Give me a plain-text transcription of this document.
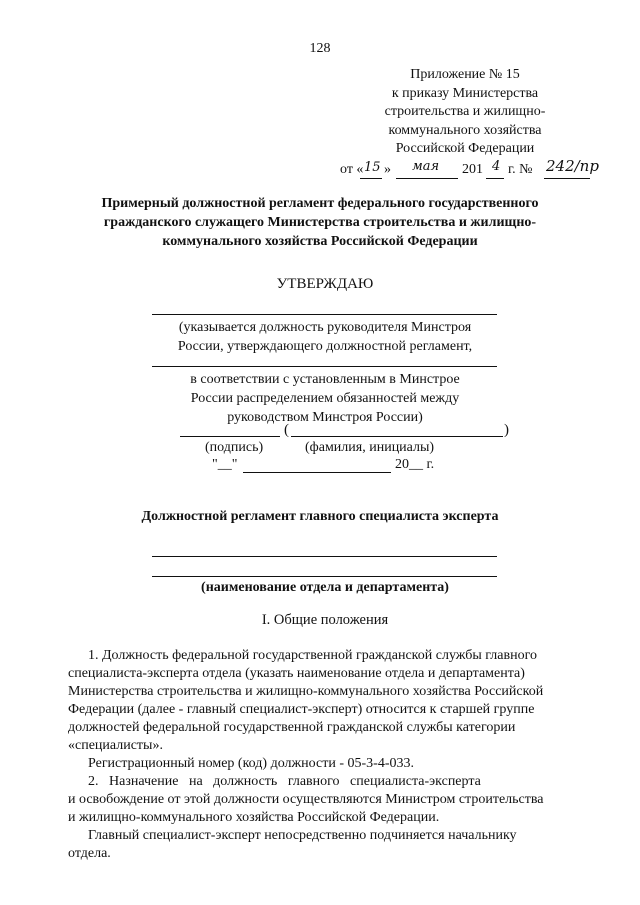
128
Приложение № 15
к приказу Министерства
строительства и жилищно-
коммунального хозяйства
Российской Федерации
от « 15 » мая 201 4 г. № 242/пр
Примерный должностной регламент федерального государственного
гражданского служащего Министерства строительства и жилищно-
коммунального хозяйства Российской Федерации
УТВЕРЖДАЮ
(указывается должность руководителя Минстроя
России, утверждающего должностной регламент,
в соответствии с установленным в Минстрое
России распределением обязанностей между
руководством Минстроя России)
(	)
(подпись)	(фамилия, инициалы)
"__"	20__ г.
Должностной регламент главного специалиста эксперта
(наименование отдела и департамента)
I. Общие положения
1. Должность федеральной государственной гражданской службы главного
специалиста-эксперта отдела (указать наименование отдела и департамента)
Министерства строительства и жилищно-коммунального хозяйства Российской
Федерации (далее - главный специалист-эксперт) относится к старшей группе
должностей федеральной государственной гражданской службы категории
«специалисты».
Регистрационный номер (код) должности - 05-3-4-033.
2.   Назначение   на   должность   главного   специалиста-эксперта
и освобождение от этой должности осуществляются Министром строительства
и жилищно-коммунального хозяйства Российской Федерации.
Главный специалист-эксперт непосредственно подчиняется начальнику
отдела.
